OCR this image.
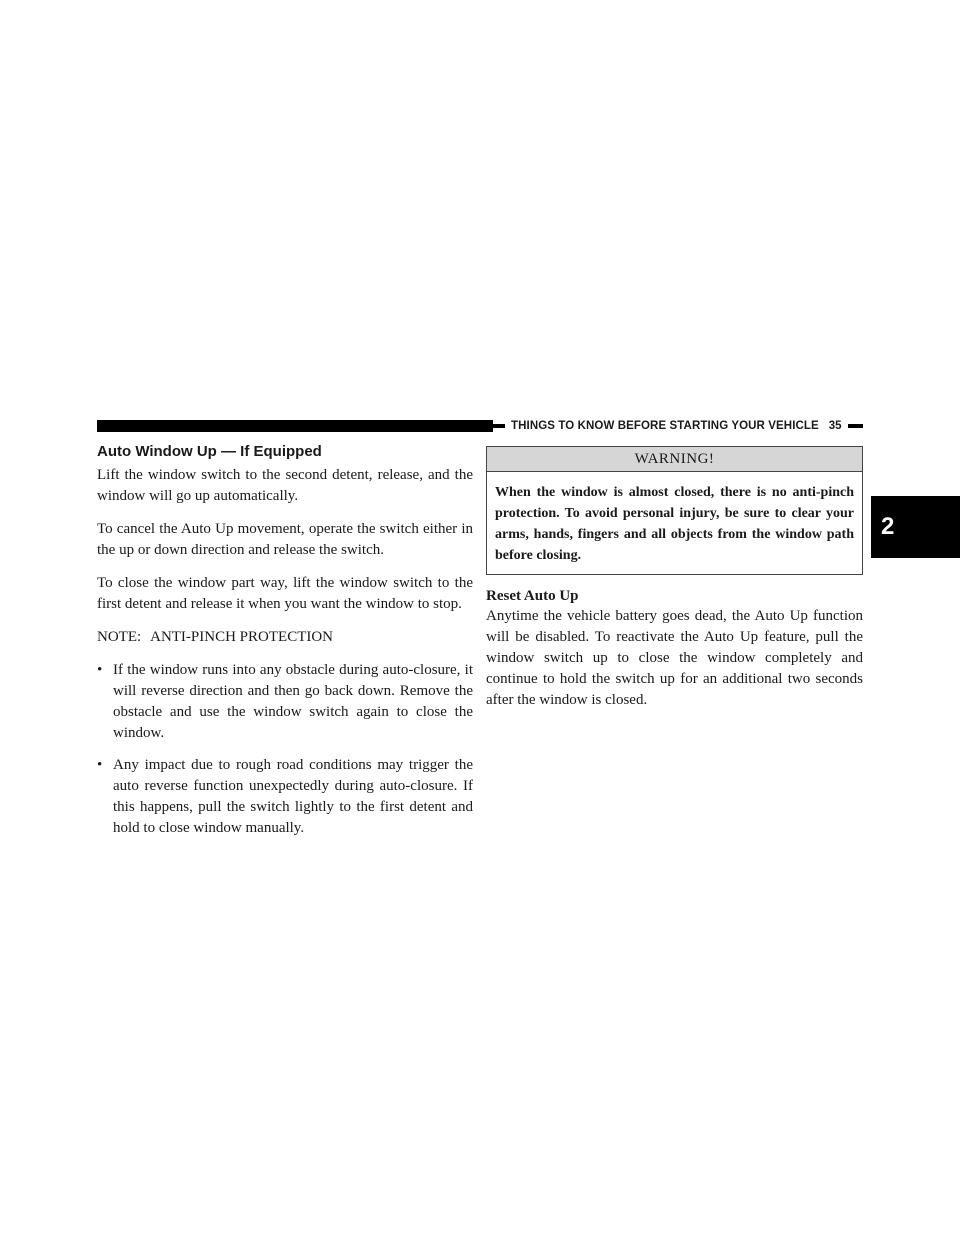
THINGS TO KNOW BEFORE STARTING YOUR VEHICLE 35
2
Auto Window Up — If Equipped

Lift the window switch to the second detent, release, and the window will go up automatically.

To cancel the Auto Up movement, operate the switch either in the up or down direction and release the switch.

To close the window part way, lift the window switch to the first detent and release it when you want the window to stop.

NOTE: ANTI-PINCH PROTECTION
• If the window runs into any obstacle during auto-closure, it will reverse direction and then go back down. Remove the obstacle and use the window switch again to close the window.
• Any impact due to rough road conditions may trigger the auto reverse function unexpectedly during auto-closure. If this happens, pull the switch lightly to the first detent and hold to close window manually.
WARNING!
When the window is almost closed, there is no anti-pinch protection. To avoid personal injury, be sure to clear your arms, hands, fingers and all objects from the window path before closing.
Reset Auto Up

Anytime the vehicle battery goes dead, the Auto Up function will be disabled. To reactivate the Auto Up feature, pull the window switch up to close the window completely and continue to hold the switch up for an additional two seconds after the window is closed.
